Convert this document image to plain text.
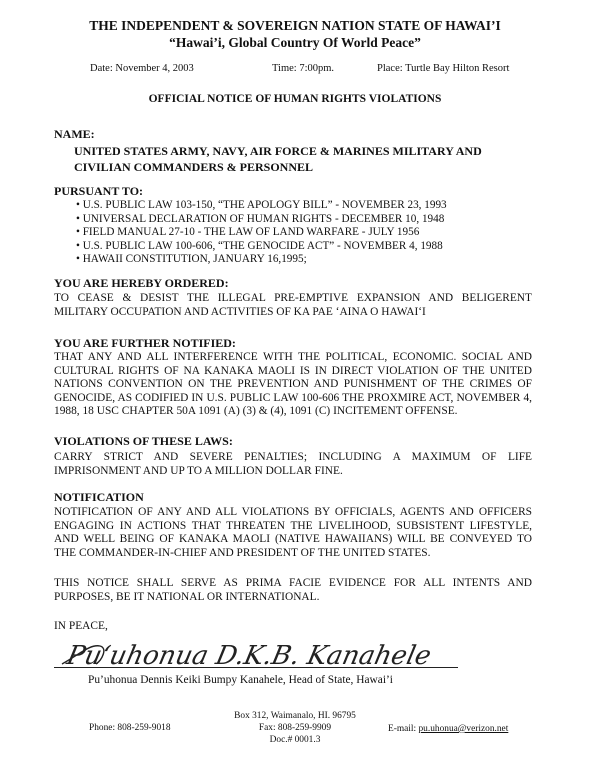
THE INDEPENDENT & SOVEREIGN NATION STATE OF HAWAI’I
“Hawai’i, Global Country Of World Peace”
Date: November 4, 2003	Time: 7:00pm.	Place: Turtle Bay Hilton Resort
OFFICIAL NOTICE OF HUMAN RIGHTS VIOLATIONS
NAME:
UNITED STATES ARMY, NAVY, AIR FORCE & MARINES MILITARY AND
CIVILIAN COMMANDERS & PERSONNEL
PURSUANT TO:
• U.S. PUBLIC LAW 103-150, “THE APOLOGY BILL” - NOVEMBER 23, 1993
• UNIVERSAL DECLARATION OF HUMAN RIGHTS - DECEMBER 10, 1948
• FIELD MANUAL 27-10 - THE LAW OF LAND WARFARE - JULY 1956
• U.S. PUBLIC LAW 100-606, “THE GENOCIDE ACT” - NOVEMBER 4, 1988
• HAWAII CONSTITUTION, JANUARY 16,1995;
YOU ARE HEREBY ORDERED:
TO CEASE & DESIST THE ILLEGAL PRE-EMPTIVE EXPANSION AND BELIGERENT MILITARY OCCUPATION AND ACTIVITIES OF KA PAE ‘AINA O HAWAI‘I
YOU ARE FURTHER NOTIFIED:
THAT ANY AND ALL INTERFERENCE WITH THE POLITICAL, ECONOMIC. SOCIAL AND CULTURAL RIGHTS OF NA KANAKA MAOLI IS IN DIRECT VIOLATION OF THE UNITED NATIONS CONVENTION ON THE PREVENTION AND PUNISHMENT OF THE CRIMES OF GENOCIDE, AS CODIFIED IN U.S. PUBLIC LAW 100-606 THE PROXMIRE ACT, NOVEMBER 4, 1988, 18 USC CHAPTER 50A 1091 (A) (3) & (4), 1091 (C) INCITEMENT OFFENSE.
VIOLATIONS OF THESE LAWS:
CARRY STRICT AND SEVERE PENALTIES; INCLUDING A MAXIMUM OF LIFE IMPRISONMENT AND UP TO A MILLION DOLLAR FINE.
NOTIFICATION
NOTIFICATION OF ANY AND ALL VIOLATIONS BY OFFICIALS, AGENTS AND OFFICERS ENGAGING IN ACTIONS THAT THREATEN THE LIVELIHOOD, SUBSISTENT LIFESTYLE, AND WELL BEING OF KANAKA MAOLI (NATIVE HAWAIIANS) WILL BE CONVEYED TO THE COMMANDER-IN-CHIEF AND PRESIDENT OF THE UNITED STATES.
THIS NOTICE SHALL SERVE AS PRIMA FACIE EVIDENCE FOR ALL INTENTS AND PURPOSES, BE IT NATIONAL OR INTERNATIONAL.
IN PEACE,
Pu‘uhonua D.K.B. Kanahele
Pu’uhonua Dennis Keiki Bumpy Kanahele, Head of State, Hawai’i
Box 312, Waimanalo, HI. 96795
Phone: 808-259-9018	Fax: 808-259-9909	E-mail: pu.uhonua@verizon.net
Doc.# 0001.3
